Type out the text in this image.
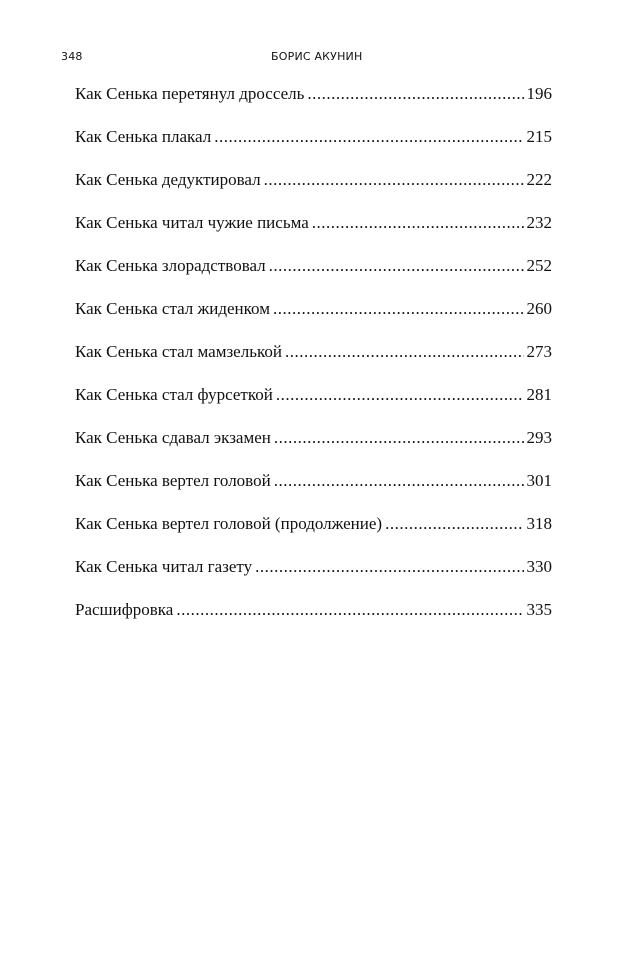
348	БОРИС АКУНИН
Как Сенька перетянул дроссель .....	196
Как Сенька плакал .....	215
Как Сенька дедуктировал .....	222
Как Сенька читал чужие письма .....	232
Как Сенька злорадствовал .....	252
Как Сенька стал жиденком .....	260
Как Сенька стал мамзелькой .....	273
Как Сенька стал фурсеткой .....	281
Как Сенька сдавал экзамен .....	293
Как Сенька вертел головой .....	301
Как Сенька вертел головой (продолжение) .....	318
Как Сенька читал газету .....	330
Расшифровка .....	335
